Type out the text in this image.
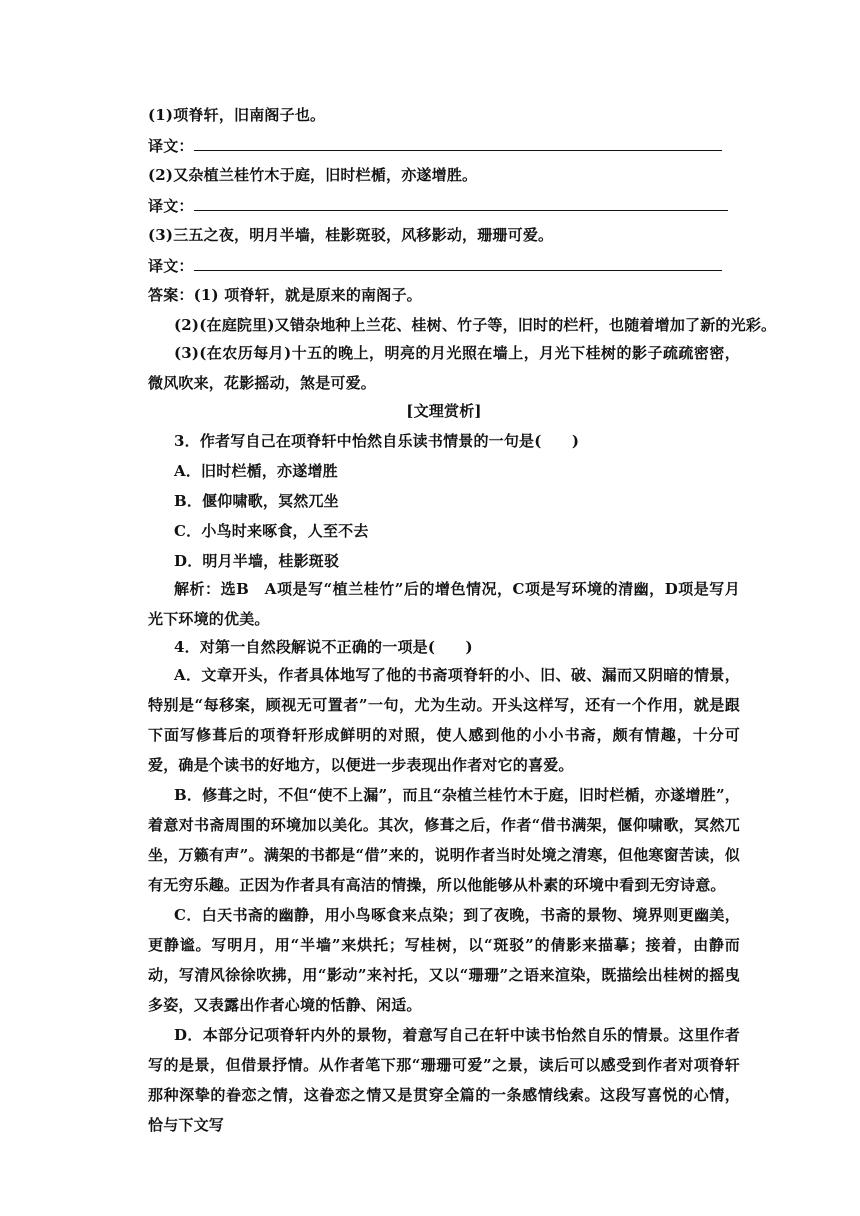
(1)项脊轩，旧南阁子也。
译文：
(2)又杂植兰桂竹木于庭，旧时栏楯，亦遂增胜。
译文：
(3)三五之夜，明月半墙，桂影斑驳，风移影动，珊珊可爱。
译文：
答案：(1) 项脊轩，就是原来的南阁子。
(2)(在庭院里)又错杂地种上兰花、桂树、竹子等，旧时的栏杆，也随着增加了新的光彩。
(3)(在农历每月)十五的晚上，明亮的月光照在墙上，月光下桂树的影子疏疏密密，微风吹来，花影摇动，煞是可爱。
[文理赏析]
3．作者写自己在项脊轩中怡然自乐读书情景的一句是(　　)
A．旧时栏楯，亦遂增胜
B．偃仰啸歌，冥然兀坐
C．小鸟时来啄食，人至不去
D．明月半墙，桂影斑驳
解析：选B　A项是写“植兰桂竹”后的增色情况，C项是写环境的清幽，D项是写月光下环境的优美。
4．对第一自然段解说不正确的一项是(　　)
A．文章开头，作者具体地写了他的书斋项脊轩的小、旧、破、漏而又阴暗的情景，特别是“每移案，顾视无可置者”一句，尤为生动。开头这样写，还有一个作用，就是跟下面写修葺后的项脊轩形成鲜明的对照，使人感到他的小小书斋，颇有情趣，十分可爱，确是个读书的好地方，以便进一步表现出作者对它的喜爱。
B．修葺之时，不但“使不上漏”，而且“杂植兰桂竹木于庭，旧时栏楯，亦遂增胜”，着意对书斋周围的环境加以美化。其次，修葺之后，作者“借书满架，偃仰啸歌，冥然兀坐，万籁有声”。满架的书都是“借”来的，说明作者当时处境之清寒，但他寒窗苦读，似有无穷乐趣。正因为作者具有高洁的情操，所以他能够从朴素的环境中看到无穷诗意。
C．白天书斋的幽静，用小鸟啄食来点染；到了夜晚，书斋的景物、境界则更幽美，更静谧。写明月，用“半墙”来烘托；写桂树，以“斑驳”的倩影来描摹；接着，由静而动，写清风徐徐吹拂，用“影动”来衬托，又以“珊珊”之语来渲染，既描绘出桂树的摇曳多姿，又表露出作者心境的恬静、闲适。
D．本部分记项脊轩内外的景物，着意写自己在轩中读书怡然自乐的情景。这里作者写的是景，但借景抒情。从作者笔下那“珊珊可爱”之景，读后可以感受到作者对项脊轩那种深挚的眷恋之情，这眷恋之情又是贯穿全篇的一条感情线索。这段写喜悦的心情，恰与下文写
